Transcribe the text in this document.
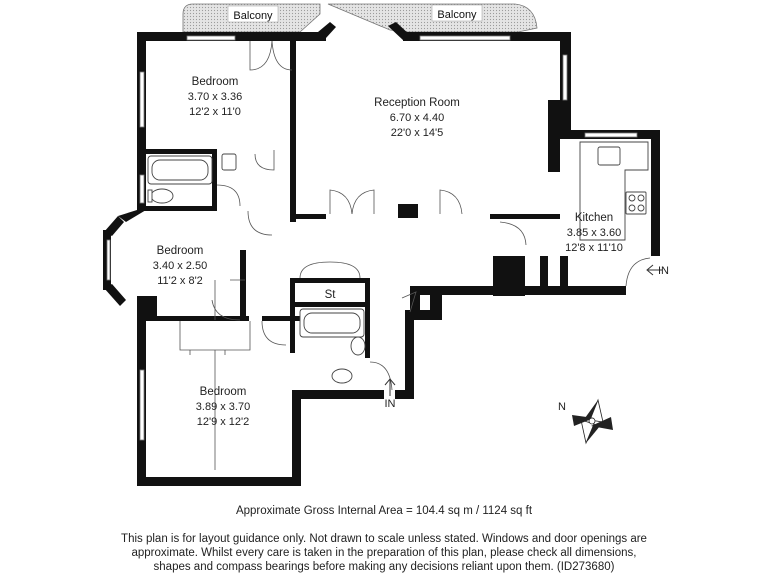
Balcony	Balcony
Bedroom
3.70 x 3.36
12'2 x 11'0
Reception Room
6.70 x 4.40
22'0 x 14'5
Bedroom
3.40 x 2.50
11'2 x 8'2
Kitchen
3.85 x 3.60
12'8 x 11'10
St
Bedroom
3.89 x 3.70
12'9 x 12'2
IN
IN	N
Approximate Gross Internal Area = 104.4 sq m / 1124 sq ft
This plan is for layout guidance only. Not drawn to scale unless stated. Windows and door openings are
approximate. Whilst every care is taken in the preparation of this plan, please check all dimensions,
shapes and compass bearings before making any decisions reliant upon them. (ID273680)
